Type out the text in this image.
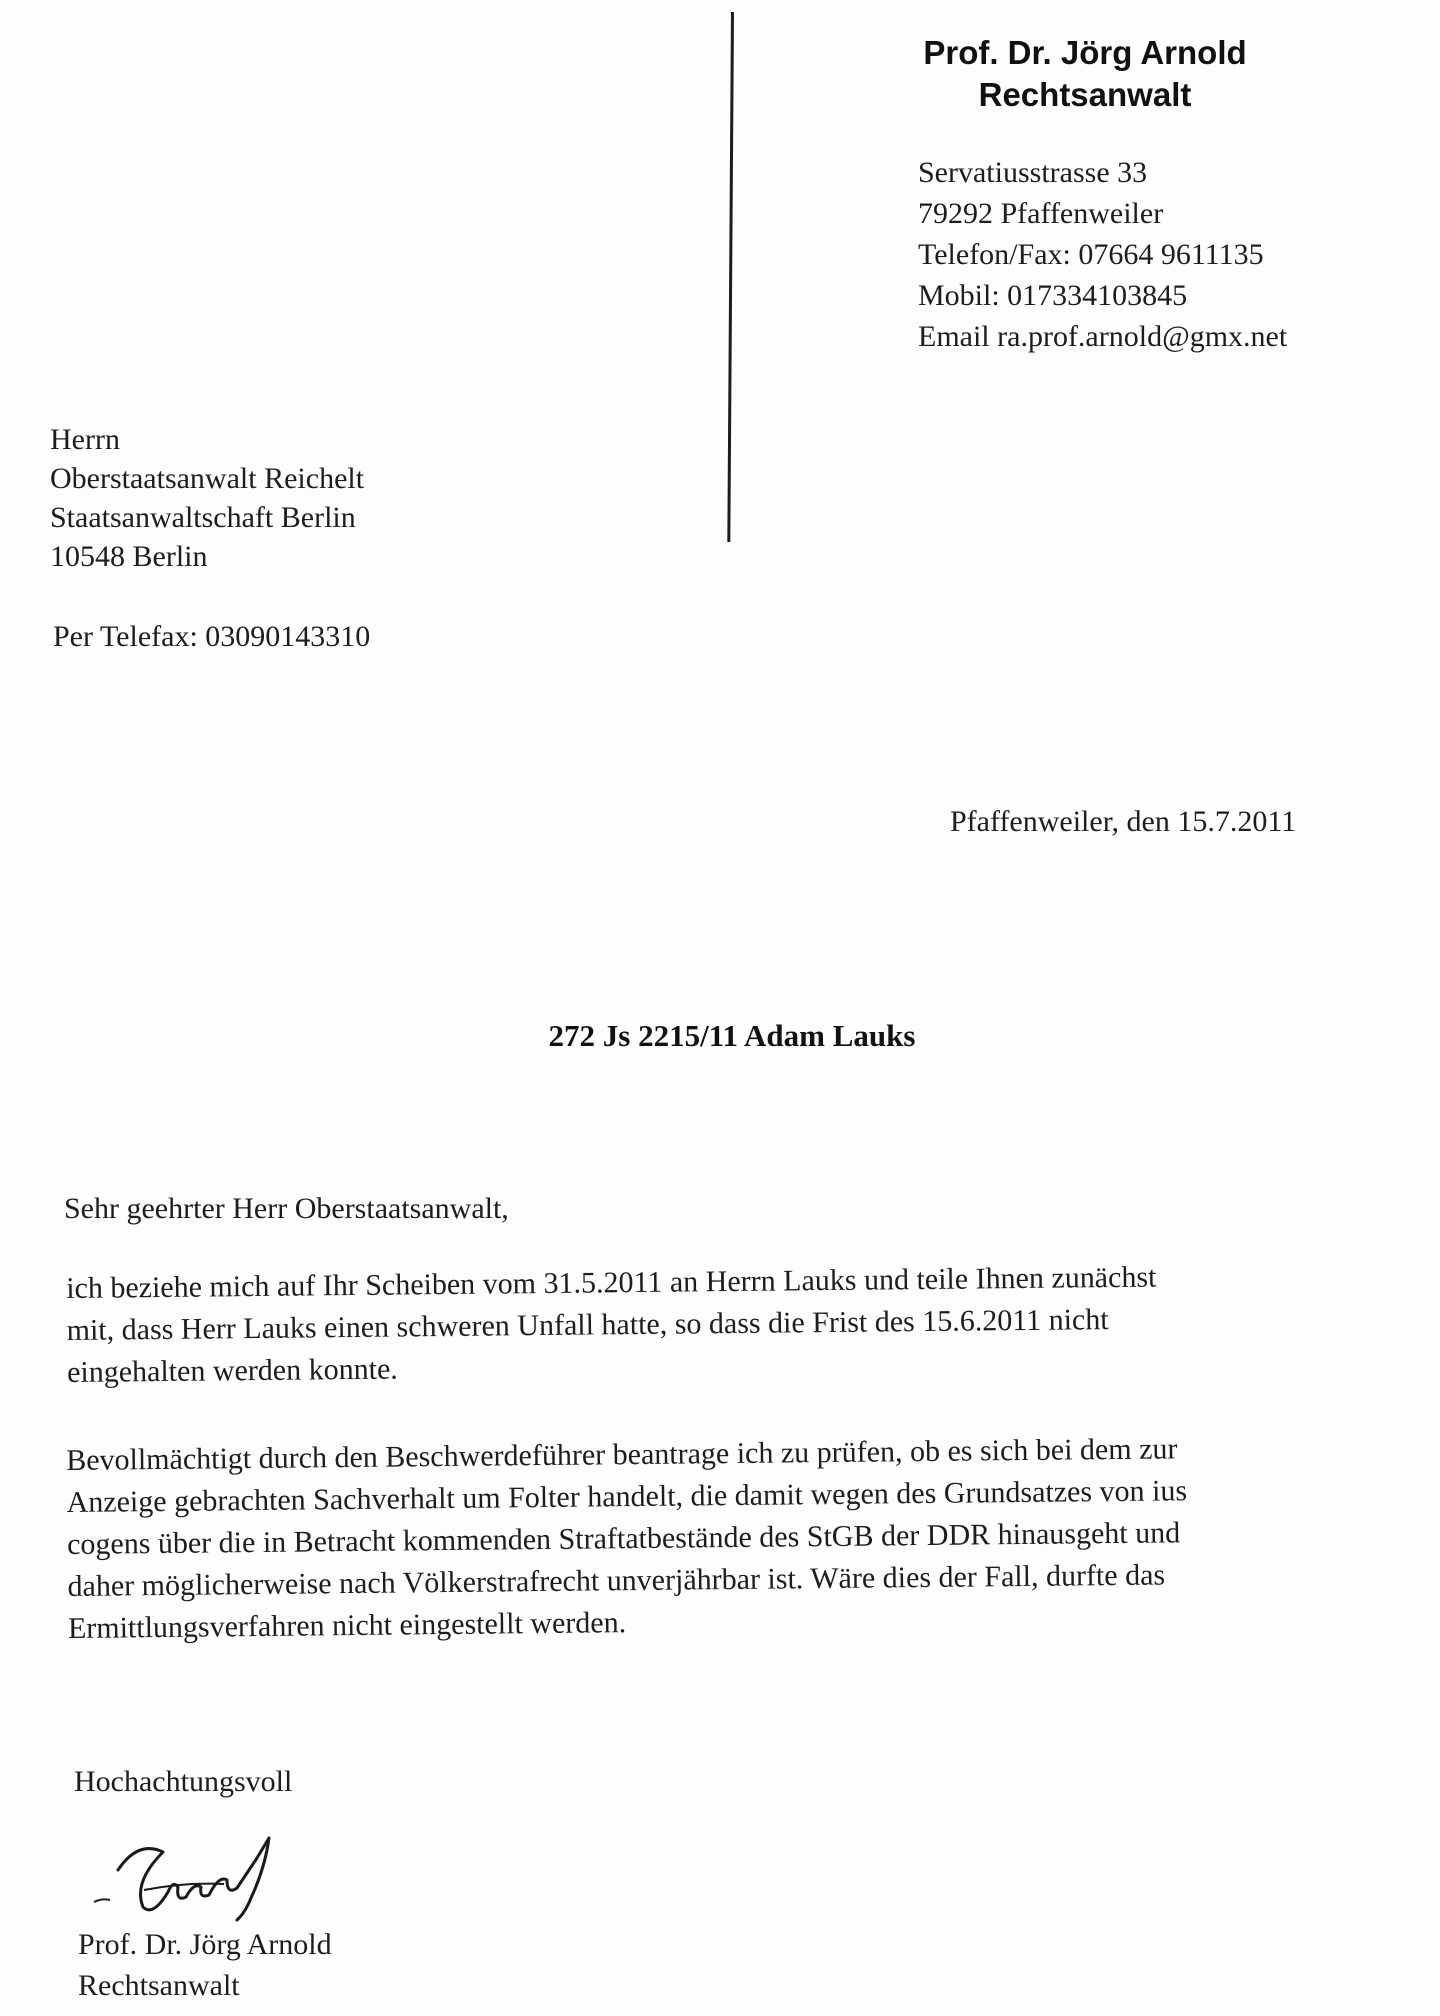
Prof. Dr. Jörg Arnold
Rechtsanwalt
Servatiusstrasse 33
79292 Pfaffenweiler
Telefon/Fax: 07664 9611135
Mobil: 017334103845
Email ra.prof.arnold@gmx.net
Herrn
Oberstaatsanwalt Reichelt
Staatsanwaltschaft Berlin
10548 Berlin
Per Telefax: 03090143310
Pfaffenweiler, den 15.7.2011
272 Js 2215/11 Adam Lauks
Sehr geehrter Herr Oberstaatsanwalt,
ich beziehe mich auf Ihr Scheiben vom 31.5.2011 an Herrn Lauks und teile Ihnen zunächst
mit, dass Herr Lauks einen schweren Unfall hatte, so dass die Frist des 15.6.2011 nicht
eingehalten werden konnte.
Bevollmächtigt durch den Beschwerdeführer beantrage ich zu prüfen, ob es sich bei dem zur
Anzeige gebrachten Sachverhalt um Folter handelt, die damit wegen des Grundsatzes von ius
cogens über die in Betracht kommenden Straftatbestände des StGB der DDR hinausgeht und
daher möglicherweise nach Völkerstrafrecht unverjährbar ist. Wäre dies der Fall, durfte das
Ermittlungsverfahren nicht eingestellt werden.
Hochachtungsvoll
Prof. Dr. Jörg Arnold
Rechtsanwalt
